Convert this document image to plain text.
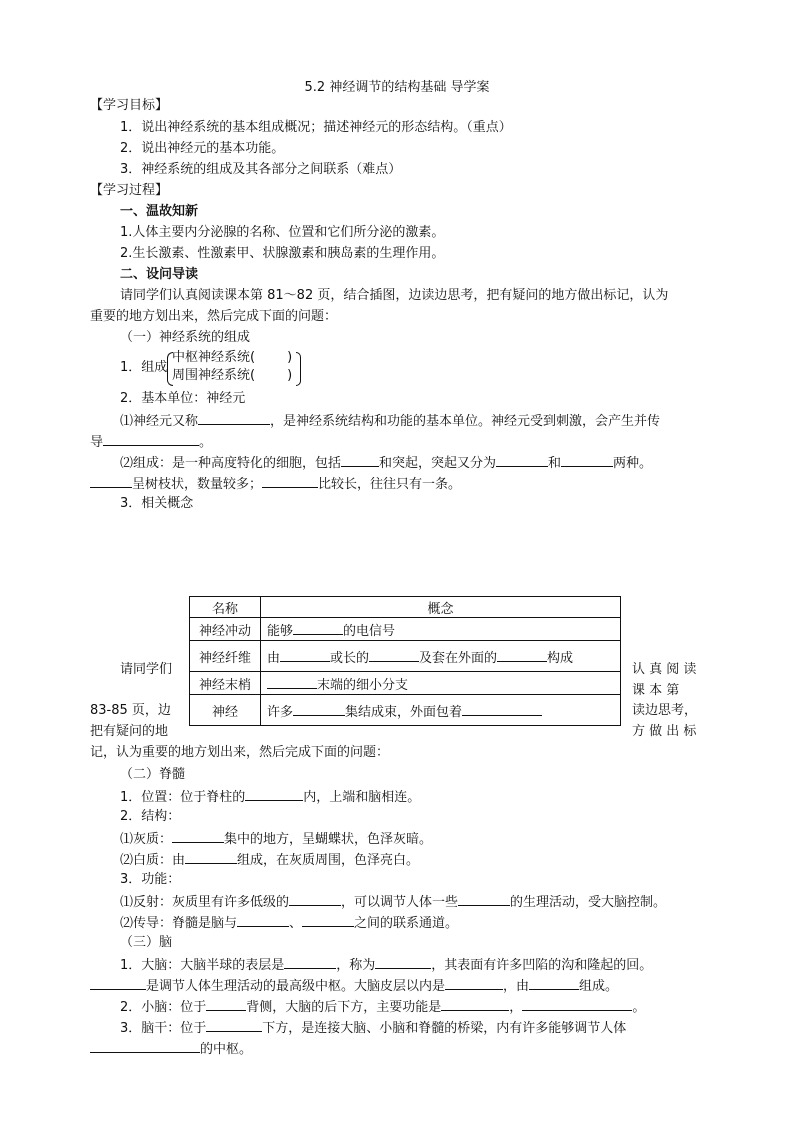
5.2 神经调节的结构基础 导学案
【学习目标】
1．说出神经系统的基本组成概况；描述神经元的形态结构。（重点）
2．说出神经元的基本功能。
3．神经系统的组成及其各部分之间联系（难点）
【学习过程】
一、温故知新
1.人体主要内分泌腺的名称、位置和它们所分泌的激素。
2.生长激素、性激素甲、状腺激素和胰岛素的生理作用。
二、设问导读
请同学们认真阅读课本第 81～82 页，结合插图，边读边思考，把有疑问的地方做出标记，认为
重要的地方划出来，然后完成下面的问题：
（一）神经系统的组成
1．组成
中枢神经系统( )
周围神经系统( )
2．基本单位：神经元
⑴神经元又称	，是神经系统结构和功能的基本单位。神经元受到刺激，会产生并传
导	。
⑵组成：是一种高度特化的细胞，包括	和突起，突起又分为	和	两种。
呈树枝状，数量较多；	比较长，往往只有一条。
3．相关概念
名称	概念
神经冲动	能够 的电信号
神经纤维	由 或长的 及套在外面的 构成
神经末梢	末端的细小分支
神经	许多 集结成束，外面包着
请同学们
83-85 页，边
把有疑问的地
认 真 阅 读
课 本 第
读边思考，
方 做 出 标
记，认为重要的地方划出来，然后完成下面的问题：
（二）脊髓
1．位置：位于脊柱的	内，上端和脑相连。
2．结构：
⑴灰质：	集中的地方，呈蝴蝶状，色泽灰暗。
⑵白质：由	组成，在灰质周围，色泽亮白。
3．功能：
⑴反射：灰质里有许多低级的	，可以调节人体一些	的生理活动，受大脑控制。
⑵传导：脊髓是脑与	、	之间的联系通道。
（三）脑
1．大脑：大脑半球的表层是	，称为	，其表面有许多凹陷的沟和隆起的回。
是调节人体生理活动的最高级中枢。大脑皮层以内是	，由	组成。
2．小脑：位于	背侧，大脑的后下方，主要功能是	，	。
3．脑干：位于	下方，是连接大脑、小脑和脊髓的桥梁，内有许多能够调节人体
的中枢。
